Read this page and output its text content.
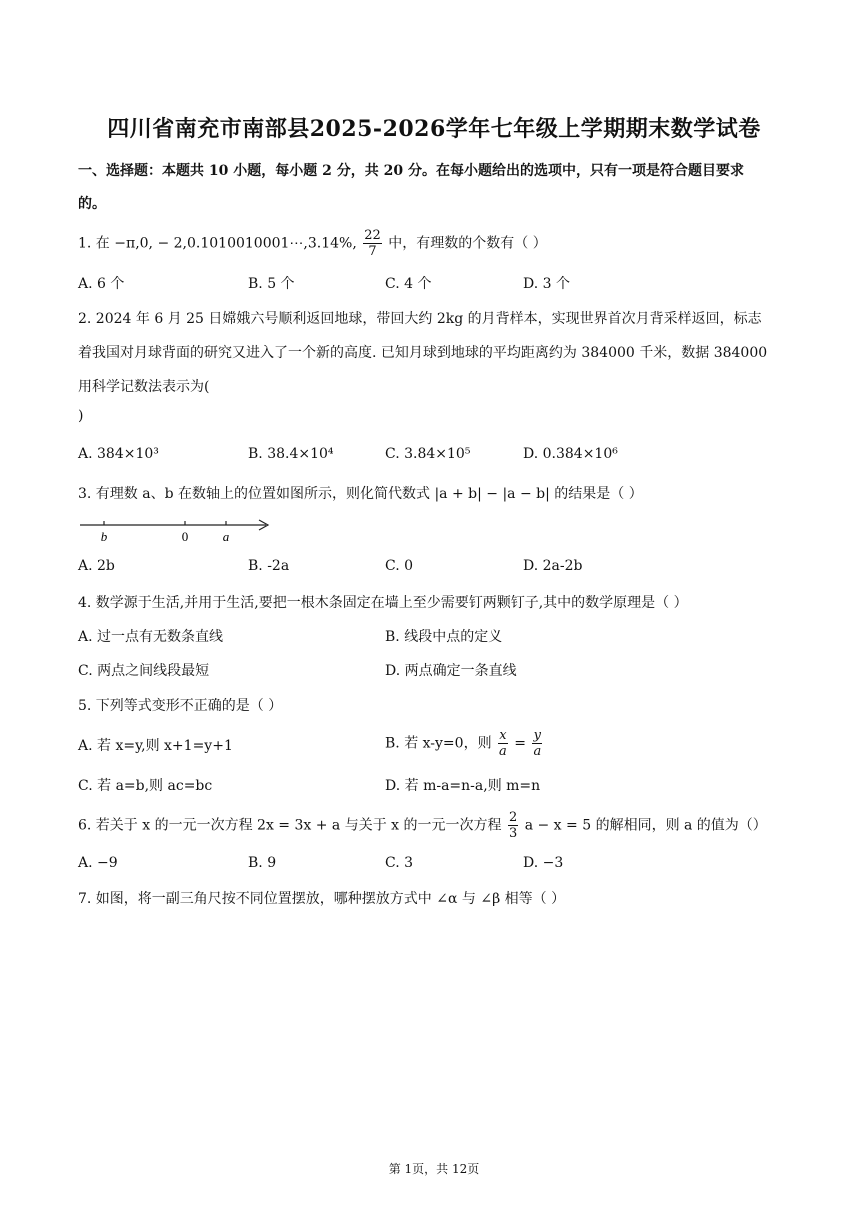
四川省南充市南部县2025-2026学年七年级上学期期末数学试卷
一、选择题：本题共 10 小题，每小题 2 分，共 20 分。在每小题给出的选项中，只有一项是符合题目要求
的。
1. 在 −π,0, − 2,0.1010010001⋯,3.14%, $\frac{22}{7}$ 中，有理数的个数有（ ）
A. 6 个	B. 5 个	C. 4 个	D. 3 个
2. 2024 年 6 月 25 日嫦娥六号顺利返回地球，带回大约 2kg 的月背样本，实现世界首次月背采样返回，标志
着我国对月球背面的研究又进入了一个新的高度. 已知月球到地球的平均距离约为 384000 千米，数据 384000
用科学记数法表示为(
)
A. 384×10³	B. 38.4×10⁴	C. 3.84×10⁵	D. 0.384×10⁶
3. 有理数 a、b 在数轴上的位置如图所示，则化简代数式 |a + b| − |a − b| 的结果是（ ）
b	0	a
A. 2b	B. -2a	C. 0	D. 2a-2b
4. 数学源于生活,并用于生活,要把一根木条固定在墙上至少需要钉两颗钉子,其中的数学原理是（ ）
A. 过一点有无数条直线	B. 线段中点的定义
C. 两点之间线段最短	D. 两点确定一条直线
5. 下列等式变形不正确的是（ ）
A. 若 x=y,则 x+1=y+1	B. 若 x-y=0，则 $\frac{x}{a} = \frac{y}{a}$
C. 若 a=b,则 ac=bc	D. 若 m-a=n-a,则 m=n
6. 若关于 x 的一元一次方程 2x = 3x + a 与关于 x 的一元一次方程 $\frac{2}{3}$ a − x = 5 的解相同，则 a 的值为（）
A. −9	B. 9	C. 3	D. −3
7. 如图，将一副三角尺按不同位置摆放，哪种摆放方式中 ∠α 与 ∠β 相等（ ）
第 1页，共 12页
